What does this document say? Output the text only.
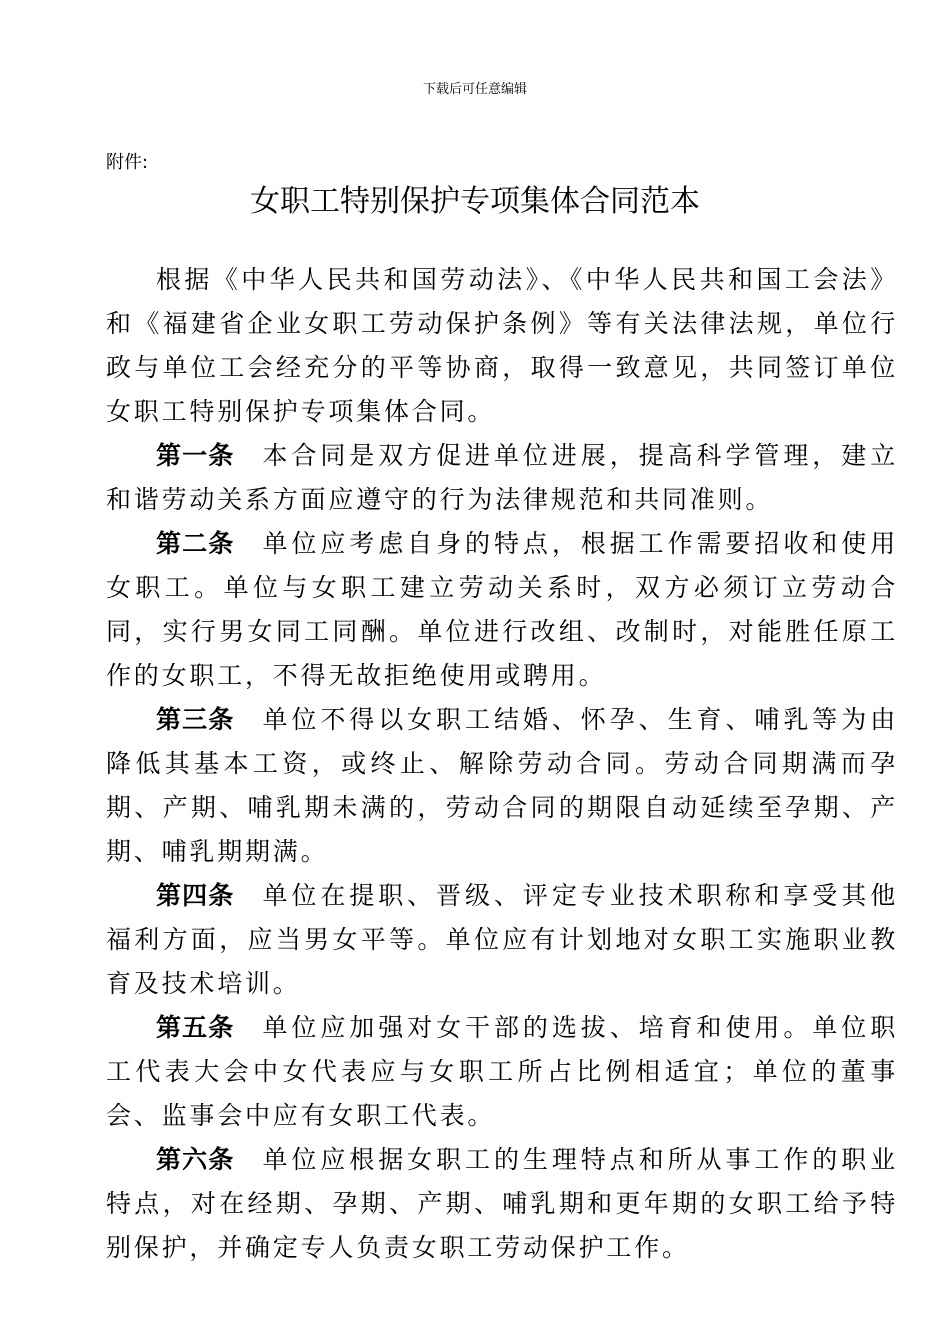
下载后可任意编辑
附件:
女职工特别保护专项集体合同范本

根据《中华人民共和国劳动法》、《中华人民共和国工会法》和《福建省企业女职工劳动保护条例》等有关法律法规，单位行政与单位工会经充分的平等协商，取得一致意见，共同签订单位女职工特别保护专项集体合同。

第一条 本合同是双方促进单位进展，提高科学管理，建立和谐劳动关系方面应遵守的行为法律规范和共同准则。

第二条 单位应考虑自身的特点，根据工作需要招收和使用女职工。单位与女职工建立劳动关系时，双方必须订立劳动合同，实行男女同工同酬。单位进行改组、改制时，对能胜任原工作的女职工，不得无故拒绝使用或聘用。

第三条 单位不得以女职工结婚、怀孕、生育、哺乳等为由降低其基本工资，或终止、解除劳动合同。劳动合同期满而孕期、产期、哺乳期未满的，劳动合同的期限自动延续至孕期、产期、哺乳期期满。

第四条 单位在提职、晋级、评定专业技术职称和享受其他福利方面，应当男女平等。单位应有计划地对女职工实施职业教育及技术培训。

第五条 单位应加强对女干部的选拔、培育和使用。单位职工代表大会中女代表应与女职工所占比例相适宜；单位的董事会、监事会中应有女职工代表。

第六条 单位应根据女职工的生理特点和所从事工作的职业特点，对在经期、孕期、产期、哺乳期和更年期的女职工给予特别保护，并确定专人负责女职工劳动保护工作。
